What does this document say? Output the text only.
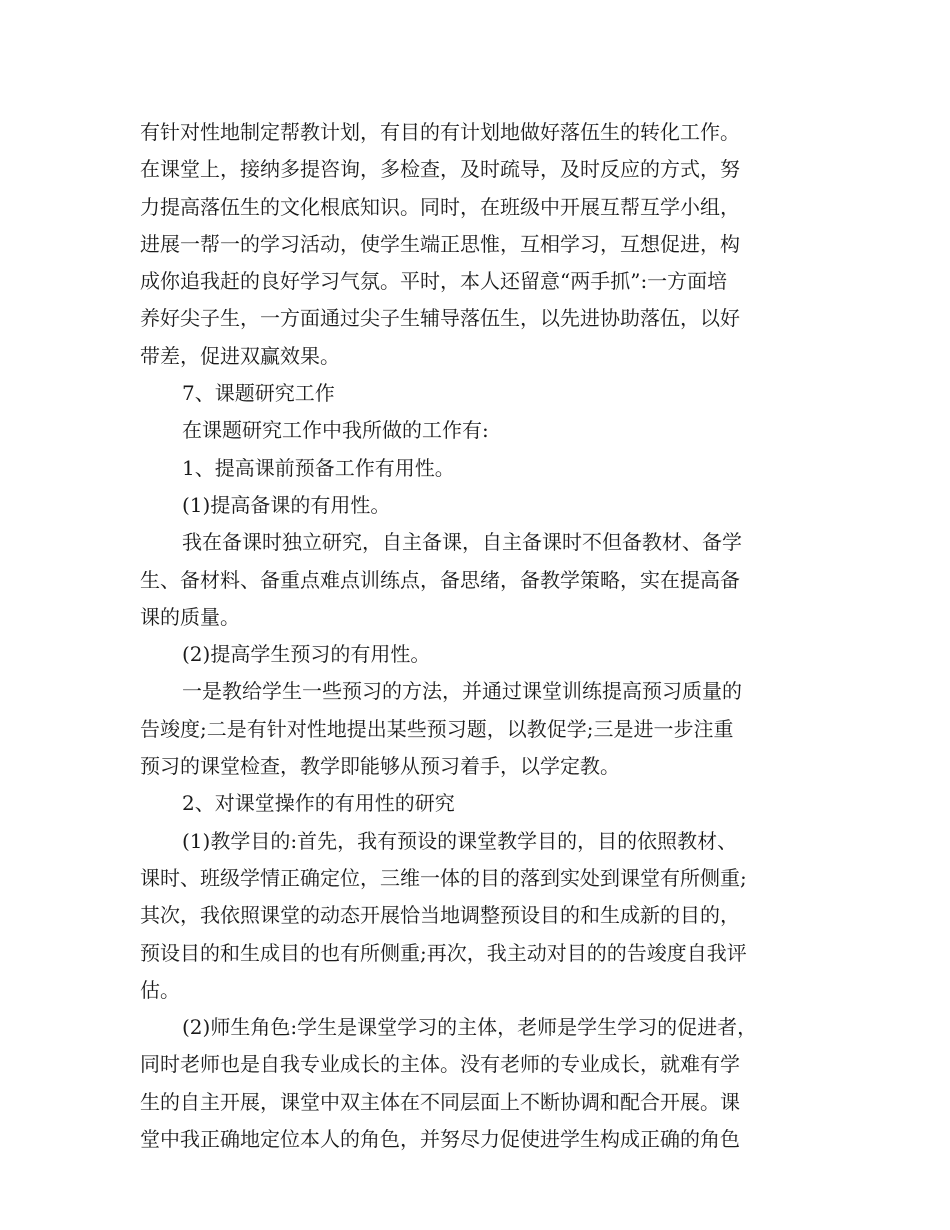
有针对性地制定帮教计划，有目的有计划地做好落伍生的转化工作。
在课堂上，接纳多提咨询，多检查，及时疏导，及时反应的方式，努
力提高落伍生的文化根底知识。同时，在班级中开展互帮互学小组，
进展一帮一的学习活动，使学生端正思惟，互相学习，互想促进，构
成你追我赶的良好学习气氛。平时，本人还留意“两手抓”:一方面培
养好尖子生，一方面通过尖子生辅导落伍生，以先进协助落伍，以好
带差，促进双赢效果。
7、课题研究工作
在课题研究工作中我所做的工作有:
1、提高课前预备工作有用性。
(1)提高备课的有用性。
我在备课时独立研究，自主备课，自主备课时不但备教材、备学
生、备材料、备重点难点训练点，备思绪，备教学策略，实在提高备
课的质量。
(2)提高学生预习的有用性。
一是教给学生一些预习的方法，并通过课堂训练提高预习质量的
告竣度;二是有针对性地提出某些预习题，以教促学;三是进一步注重
预习的课堂检查，教学即能够从预习着手，以学定教。
2、对课堂操作的有用性的研究
(1)教学目的:首先，我有预设的课堂教学目的，目的依照教材、
课时、班级学情正确定位，三维一体的目的落到实处到课堂有所侧重;
其次，我依照课堂的动态开展恰当地调整预设目的和生成新的目的，
预设目的和生成目的也有所侧重;再次，我主动对目的的告竣度自我评
估。
(2)师生角色:学生是课堂学习的主体，老师是学生学习的促进者，
同时老师也是自我专业成长的主体。没有老师的专业成长，就难有学
生的自主开展，课堂中双主体在不同层面上不断协调和配合开展。课
堂中我正确地定位本人的角色，并努尽力促使进学生构成正确的角色
